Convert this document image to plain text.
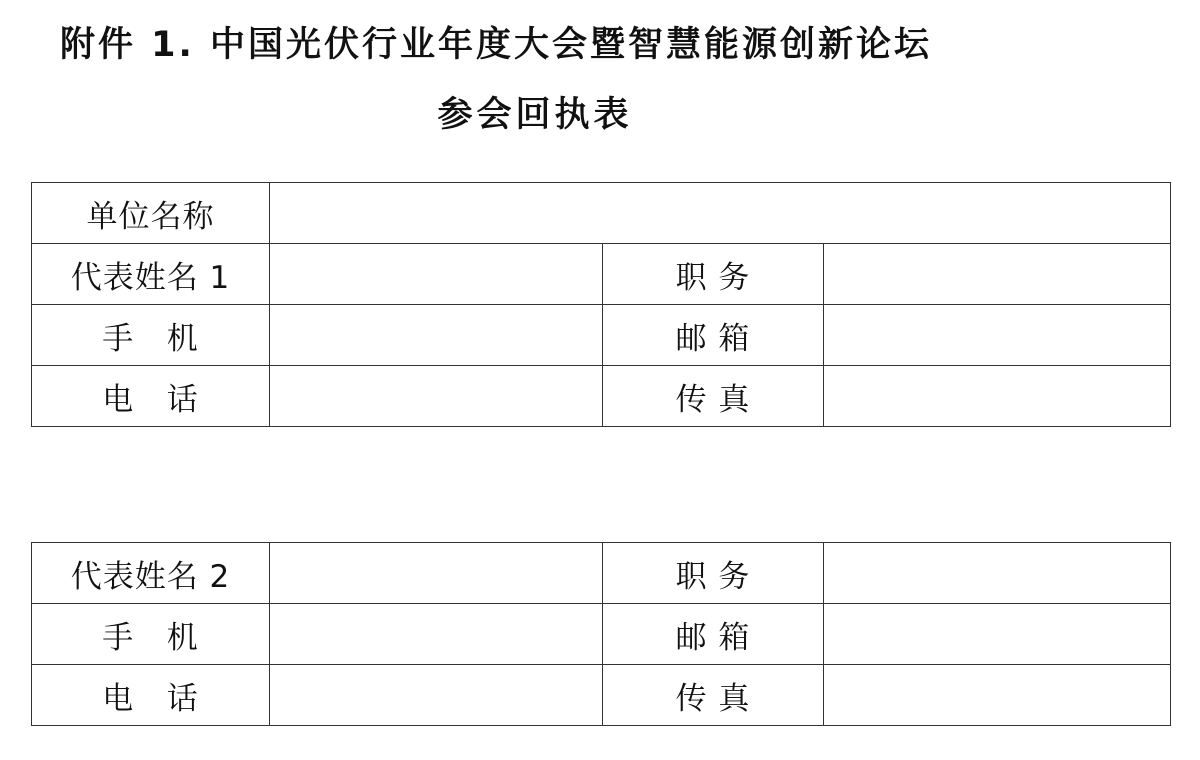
附件 1. 中国光伏行业年度大会暨智慧能源创新论坛
参会回执表
单位名称			
代表姓名 1		职 务	
手   机		邮 箱	
电   话		传 真	
代表姓名 2		职 务	
手   机		邮 箱	
电   话		传 真	
